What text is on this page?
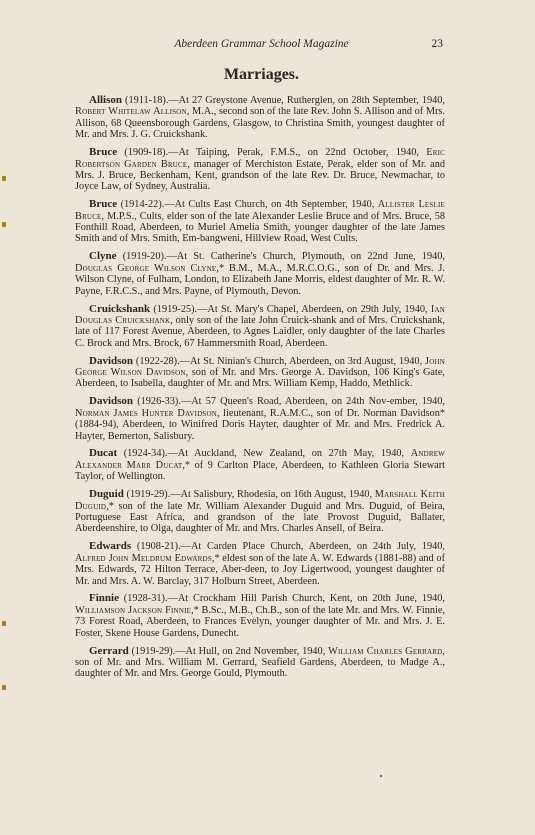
Aberdeen Grammar School Magazine	23
Marriages.

Allison (1911-18).—At 27 Greystone Avenue, Rutherglen, on 28th September, 1940, Robert Whitelaw Allison, M.A., second son of the late Rev. John S. Allison and of Mrs. Allison, 68 Queensborough Gardens, Glasgow, to Christina Smith, youngest daughter of Mr. and Mrs. J. G. Cruickshank.

Bruce (1909-18).—At Taiping, Perak, F.M.S., on 22nd October, 1940, Eric Robertson Garden Bruce, manager of Merchiston Estate, Perak, elder son of Mr. and Mrs. J. Bruce, Beckenham, Kent, grandson of the late Rev. Dr. Bruce, Newmachar, to Joyce Law, of Sydney, Australia.

Bruce (1914-22).—At Cults East Church, on 4th September, 1940, Allister Leslie Bruce, M.P.S., Cults, elder son of the late Alexander Leslie Bruce and of Mrs. Bruce, 58 Fonthill Road, Aberdeen, to Muriel Amelia Smith, younger daughter of the late James Smith and of Mrs. Smith, Em-bangweni, Hillview Road, West Cults.

Clyne (1919-20).—At St. Catherine's Church, Plymouth, on 22nd June, 1940, Douglas George Wilson Clyne,* B.M., M.A., M.R.C.O.G., son of Dr. and Mrs. J. Wilson Clyne, of Fulham, London, to Elizabeth Jane Morris, eldest daughter of Mr. R. W. Payne, F.R.C.S., and Mrs. Payne, of Plymouth, Devon.

Cruickshank (1919-25).—At St. Mary's Chapel, Aberdeen, on 29th July, 1940, Ian Douglas Cruickshank, only son of the late John Cruick-shank and of Mrs. Cruickshank, late of 117 Forest Avenue, Aberdeen, to Agnes Laidler, only daughter of the late Charles C. Brock and Mrs. Brock, 67 Hammersmith Road, Aberdeen.

Davidson (1922-28).—At St. Ninian's Church, Aberdeen, on 3rd August, 1940, John George Wilson Davidson, son of Mr. and Mrs. George A. Davidson, 106 King's Gate, Aberdeen, to Isabella, daughter of Mr. and Mrs. William Kemp, Haddo, Methlick.

Davidson (1926-33).—At 57 Queen's Road, Aberdeen, on 24th Nov-ember, 1940, Norman James Hunter Davidson, lieutenant, R.A.M.C., son of Dr. Norman Davidson* (1884-94), Aberdeen, to Winifred Doris Hayter, daughter of Mr. and Mrs. Fredrick A. Hayter, Bemerton, Salisbury.

Ducat (1924-34).—At Auckland, New Zealand, on 27th May, 1940, Andrew Alexander Marr Ducat,* of 9 Carlton Place, Aberdeen, to Kathleen Gloria Stewart Taylor, of Wellington.

Duguid (1919-29).—At Salisbury, Rhodesia, on 16th August, 1940, Marshall Keith Duguid,* son of the late Mr. William Alexander Duguid and Mrs. Duguid, of Beira, Portuguese East Africa, and grandson of the late Provost Duguid, Ballater, Aberdeenshire, to Olga, daughter of Mr. and Mrs. Charles Ansell, of Beira.

Edwards (1908-21).—At Carden Place Church, Aberdeen, on 24th July, 1940, Alfred John Meldrum Edwards,* eldest son of the late A. W. Edwards (1881-88) and of Mrs. Edwards, 72 Hilton Terrace, Aber-deen, to Joy Ligertwood, youngest daughter of Mr. and Mrs. A. W. Barclay, 317 Holburn Street, Aberdeen.

Finnie (1928-31).—At Crockham Hill Parish Church, Kent, on 20th June, 1940, Williamson Jackson Finnie,* B.Sc., M.B., Ch.B., son of the late Mr. and Mrs. W. Finnie, 73 Forest Road, Aberdeen, to Frances Evelyn, younger daughter of Mr. and Mrs. J. E. Foster, Skene House Gardens, Dunecht.

Gerrard (1919-29).—At Hull, on 2nd November, 1940, William Charles Gerrard, son of Mr. and Mrs. William M. Gerrard, Seafield Gardens, Aberdeen, to Madge A., daughter of Mr. and Mrs. George Gould, Plymouth.
